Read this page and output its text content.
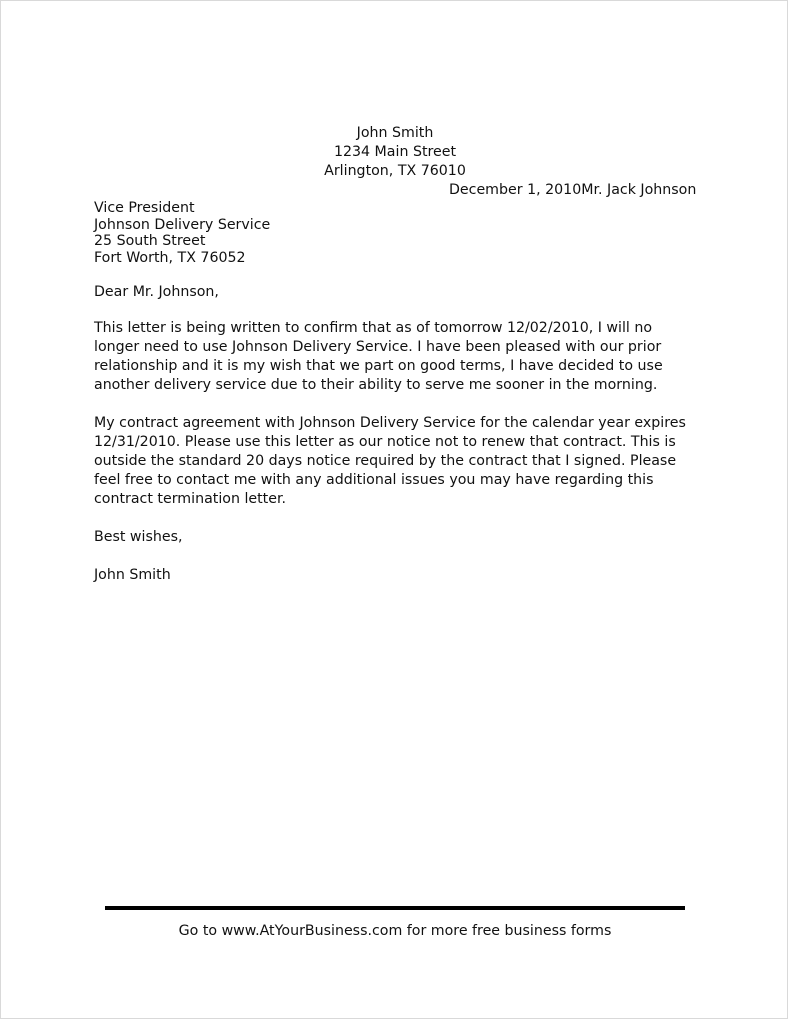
John Smith
1234 Main Street
Arlington, TX 76010
December 1, 2010Mr. Jack Johnson
Vice President
Johnson Delivery Service
25 South Street
Fort Worth, TX 76052
Dear Mr. Johnson,
This letter is being written to confirm that as of tomorrow 12/02/2010, I will no
longer need to use Johnson Delivery Service. I have been pleased with our prior
relationship and it is my wish that we part on good terms, I have decided to use
another delivery service due to their ability to serve me sooner in the morning.
My contract agreement with Johnson Delivery Service for the calendar year expires
12/31/2010. Please use this letter as our notice not to renew that contract. This is
outside the standard 20 days notice required by the contract that I signed. Please
feel free to contact me with any additional issues you may have regarding this
contract termination letter.
Best wishes,
John Smith
Go to www.AtYourBusiness.com for more free business forms
